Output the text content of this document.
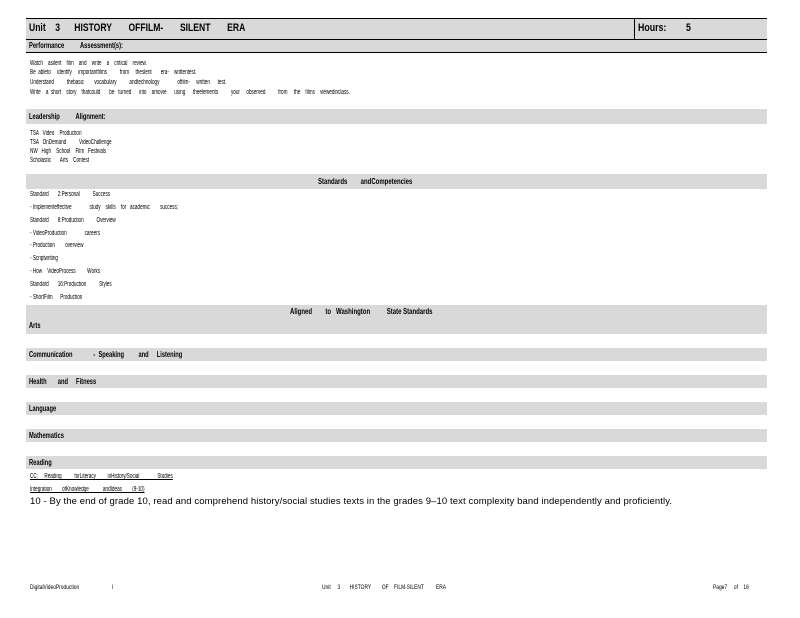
Unit    3      HISTORY       OFFILM-       SILENT       ERA	Hours: 5
Performance          Assessment(s):
Watch    asilent    film    and    write    a    critical    review.
Be  ableto     identify     importantfilms          from     theslent       era-    writtentest.
Understand          thebasic        vocabulary          andtechnology              offilm-     written      test.
Write    a  short    story    thatcould       be   turned      into    amovie      using      theelements          your     observed          from     the    films    viewedinclass.
Leadership          Alignment:
TSA   Video    Production
TSA   OnDemand          VideoChallenge
NW   High    School    Film   Festivals
Scholastic       Arts    Contest
Standards        andCompetencies
Standard       2:Personal          Success
- Implementeffective              study    skills    for   academic        success;
Standard       8:Production          Overview
- VideoProduction              careers
- Production        overview
- Scriptwriting
- How    VideoProcess         Works
Standard       16:Production          Styles
- ShortFilm      Production
Aligned        to   Washington          State Standards
Arts
Communication             -  Speaking         and     Listening
Health       and     Fitness
Language
Mathematics
Reading
CC:     Reading          forLiteracy         inHistory/Social              Studies
Integration        ofKnowledge           andIdeas        (9-10)
10 - By the end of grade 10, read and comprehend history/social studies texts in the grades 9–10 text complexity band independently and proficiently.
DigitalVideoProduction	I	Unit     3       HISTORY        OF    FILM-SILENT         ERA	Page7     of    16
